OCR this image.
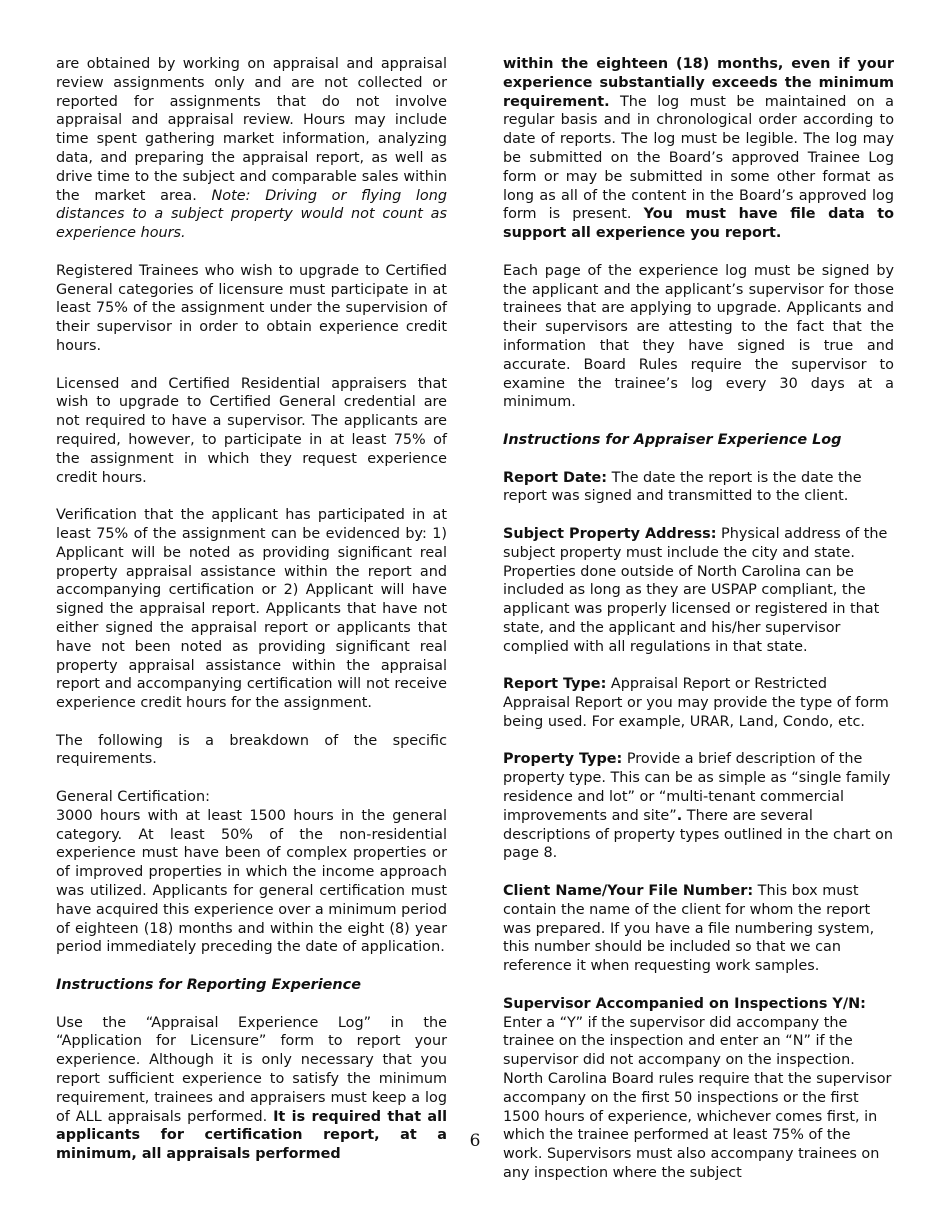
are obtained by working on appraisal and appraisal review assignments only and are not collected or reported for assignments that do not involve appraisal and appraisal review. Hours may include time spent gathering market information, analyzing data, and preparing the appraisal report, as well as drive time to the subject and comparable sales within the market area. Note: Driving or flying long distances to a subject property would not count as experience hours.

Registered Trainees who wish to upgrade to Certified General categories of licensure must participate in at least 75% of the assignment under the supervision of their supervisor in order to obtain experience credit hours.

Licensed and Certified Residential appraisers that wish to upgrade to Certified General credential are not required to have a supervisor. The applicants are required, however, to participate in at least 75% of the assignment in which they request experience credit hours.

Verification that the applicant has participated in at least 75% of the assignment can be evidenced by: 1) Applicant will be noted as providing significant real property appraisal assistance within the report and accompanying certification or 2) Applicant will have signed the appraisal report. Applicants that have not either signed the appraisal report or applicants that have not been noted as providing significant real property appraisal assistance within the appraisal report and accompanying certification will not receive experience credit hours for the assignment.

The following is a breakdown of the specific requirements.

General Certification:
3000 hours with at least 1500 hours in the general category. At least 50% of the non-residential experience must have been of complex properties or of improved properties in which the income approach was utilized. Applicants for general certification must have acquired this experience over a minimum period of eighteen (18) months and within the eight (8) year period immediately preceding the date of application.

Instructions for Reporting Experience

Use the “Appraisal Experience Log” in the “Application for Licensure” form to report your experience. Although it is only necessary that you report sufficient experience to satisfy the minimum requirement, trainees and appraisers must keep a log of ALL appraisals performed. It is required that all applicants for certification report, at a minimum, all appraisals performed

within the eighteen (18) months, even if your experience substantially exceeds the minimum requirement. The log must be maintained on a regular basis and in chronological order according to date of reports. The log must be legible. The log may be submitted on the Board’s approved Trainee Log form or may be submitted in some other format as long as all of the content in the Board’s approved log form is present. You must have file data to support all experience you report.

Each page of the experience log must be signed by the applicant and the applicant’s supervisor for those trainees that are applying to upgrade. Applicants and their supervisors are attesting to the fact that the information that they have signed is true and accurate. Board Rules require the supervisor to examine the trainee’s log every 30 days at a minimum.

Instructions for Appraiser Experience Log

Report Date: The date the report is the date the report was signed and transmitted to the client.

Subject Property Address: Physical address of the subject property must include the city and state. Properties done outside of North Carolina can be included as long as they are USPAP compliant, the applicant was properly licensed or registered in that state, and the applicant and his/her supervisor complied with all regulations in that state.

Report Type: Appraisal Report or Restricted Appraisal Report or you may provide the type of form being used. For example, URAR, Land, Condo, etc.

Property Type: Provide a brief description of the property type. This can be as simple as “single family residence and lot” or “multi-tenant commercial improvements and site”. There are several descriptions of property types outlined in the chart on page 8.

Client Name/Your File Number: This box must contain the name of the client for whom the report was prepared. If you have a file numbering system, this number should be included so that we can reference it when requesting work samples.

Supervisor Accompanied on Inspections Y/N:
Enter a “Y” if the supervisor did accompany the trainee on the inspection and enter an “N” if the supervisor did not accompany on the inspection. North Carolina Board rules require that the supervisor accompany on the first 50 inspections or the first 1500 hours of experience, whichever comes first, in which the trainee performed at least 75% of the work. Supervisors must also accompany trainees on any inspection where the subject

6
